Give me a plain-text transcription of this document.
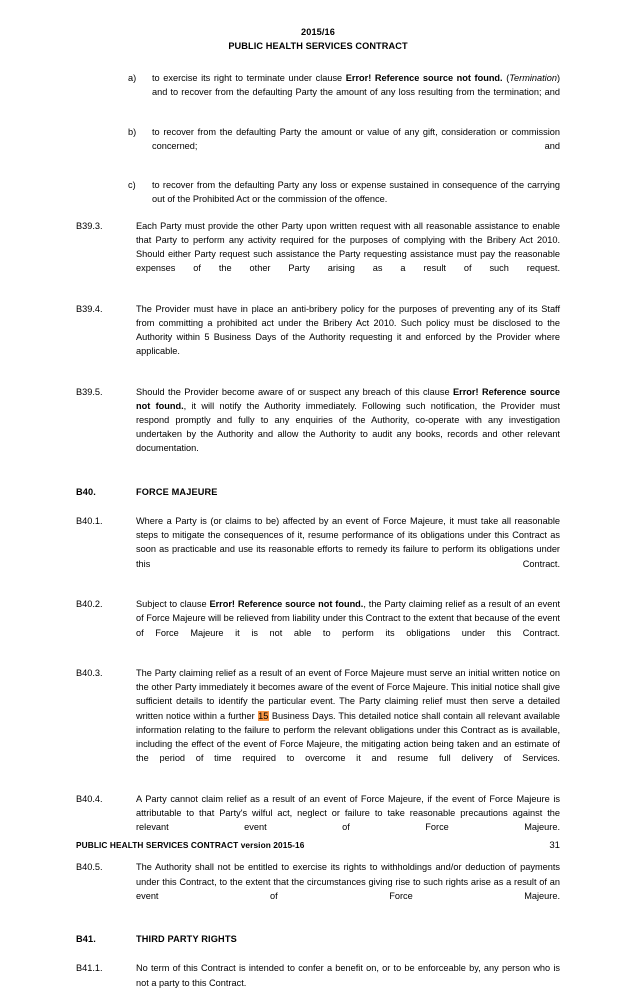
2015/16
PUBLIC HEALTH SERVICES CONTRACT
a)	to exercise its right to terminate under clause Error! Reference source not found. (Termination) and to recover from the defaulting Party the amount of any loss resulting from the termination; and
b)	to recover from the defaulting Party the amount or value of any gift, consideration or commission concerned; and
c)	to recover from the defaulting Party any loss or expense sustained in consequence of the carrying out of the Prohibited Act or the commission of the offence.
B39.3.	Each Party must provide the other Party upon written request with all reasonable assistance to enable that Party to perform any activity required for the purposes of complying with the Bribery Act 2010. Should either Party request such assistance the Party requesting assistance must pay the reasonable expenses of the other Party arising as a result of such request.
B39.4.	The Provider must have in place an anti-bribery policy for the purposes of preventing any of its Staff from committing a prohibited act under the Bribery Act 2010. Such policy must be disclosed to the Authority within 5 Business Days of the Authority requesting it and enforced by the Provider where applicable.
B39.5.	Should the Provider become aware of or suspect any breach of this clause Error! Reference source not found., it will notify the Authority immediately. Following such notification, the Provider must respond promptly and fully to any enquiries of the Authority, co-operate with any investigation undertaken by the Authority and allow the Authority to audit any books, records and other relevant documentation.
B40.	FORCE MAJEURE
B40.1.	Where a Party is (or claims to be) affected by an event of Force Majeure, it must take all reasonable steps to mitigate the consequences of it, resume performance of its obligations under this Contract as soon as practicable and use its reasonable efforts to remedy its failure to perform its obligations under this Contract.
B40.2.	Subject to clause Error! Reference source not found., the Party claiming relief as a result of an event of Force Majeure will be relieved from liability under this Contract to the extent that because of the event of Force Majeure it is not able to perform its obligations under this Contract.
B40.3.	The Party claiming relief as a result of an event of Force Majeure must serve an initial written notice on the other Party immediately it becomes aware of the event of Force Majeure. This initial notice shall give sufficient details to identify the particular event. The Party claiming relief must then serve a detailed written notice within a further 15 Business Days. This detailed notice shall contain all relevant available information relating to the failure to perform the relevant obligations under this Contract as is available, including the effect of the event of Force Majeure, the mitigating action being taken and an estimate of the period of time required to overcome it and resume full delivery of Services.
B40.4.	A Party cannot claim relief as a result of an event of Force Majeure, if the event of Force Majeure is attributable to that Party's wilful act, neglect or failure to take reasonable precautions against the relevant event of Force Majeure.
B40.5.	The Authority shall not be entitled to exercise its rights to withholdings and/or deduction of payments under this Contract, to the extent that the circumstances giving rise to such rights arise as a result of an event of Force Majeure.
B41.	THIRD PARTY RIGHTS
B41.1.	No term of this Contract is intended to confer a benefit on, or to be enforceable by, any person who is not a party to this Contract.
PUBLIC HEALTH SERVICES CONTRACT version 2015-16	31
